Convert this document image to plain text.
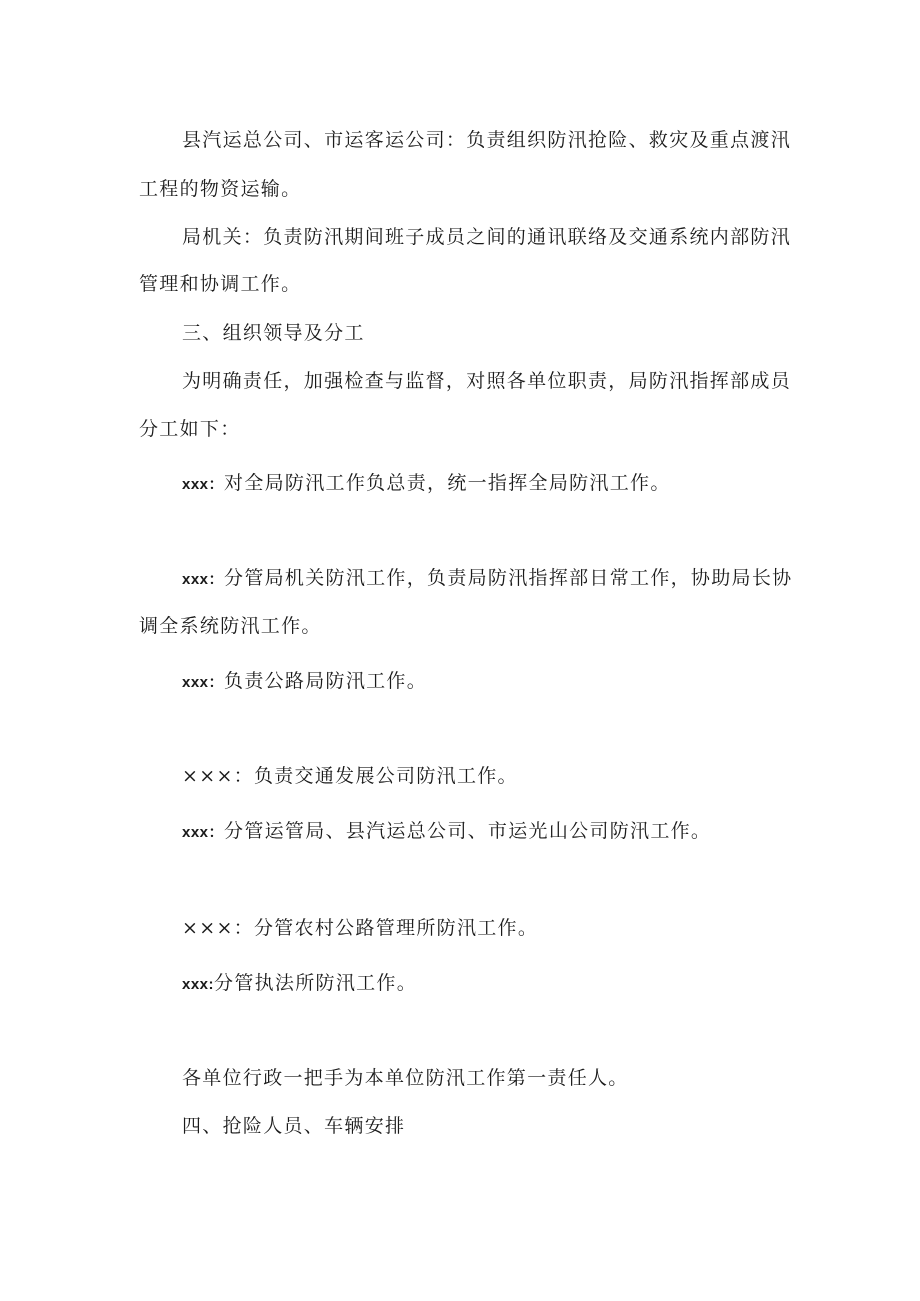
县汽运总公司、市运客运公司：负责组织防汛抢险、救灾及重点渡汛

工程的物资运输。

局机关：负责防汛期间班子成员之间的通讯联络及交通系统内部防汛

管理和协调工作。

三、组织领导及分工

为明确责任，加强检查与监督，对照各单位职责，局防汛指挥部成员

分工如下：

xxx：对全局防汛工作负总责，统一指挥全局防汛工作。

xxx：分管局机关防汛工作，负责局防汛指挥部日常工作，协助局长协

调全系统防汛工作。

xxx：负责公路局防汛工作。

×××：负责交通发展公司防汛工作。

xxx：分管运管局、县汽运总公司、市运光山公司防汛工作。

×××：分管农村公路管理所防汛工作。

xxx:分管执法所防汛工作。

各单位行政一把手为本单位防汛工作第一责任人。

四、抢险人员、车辆安排
